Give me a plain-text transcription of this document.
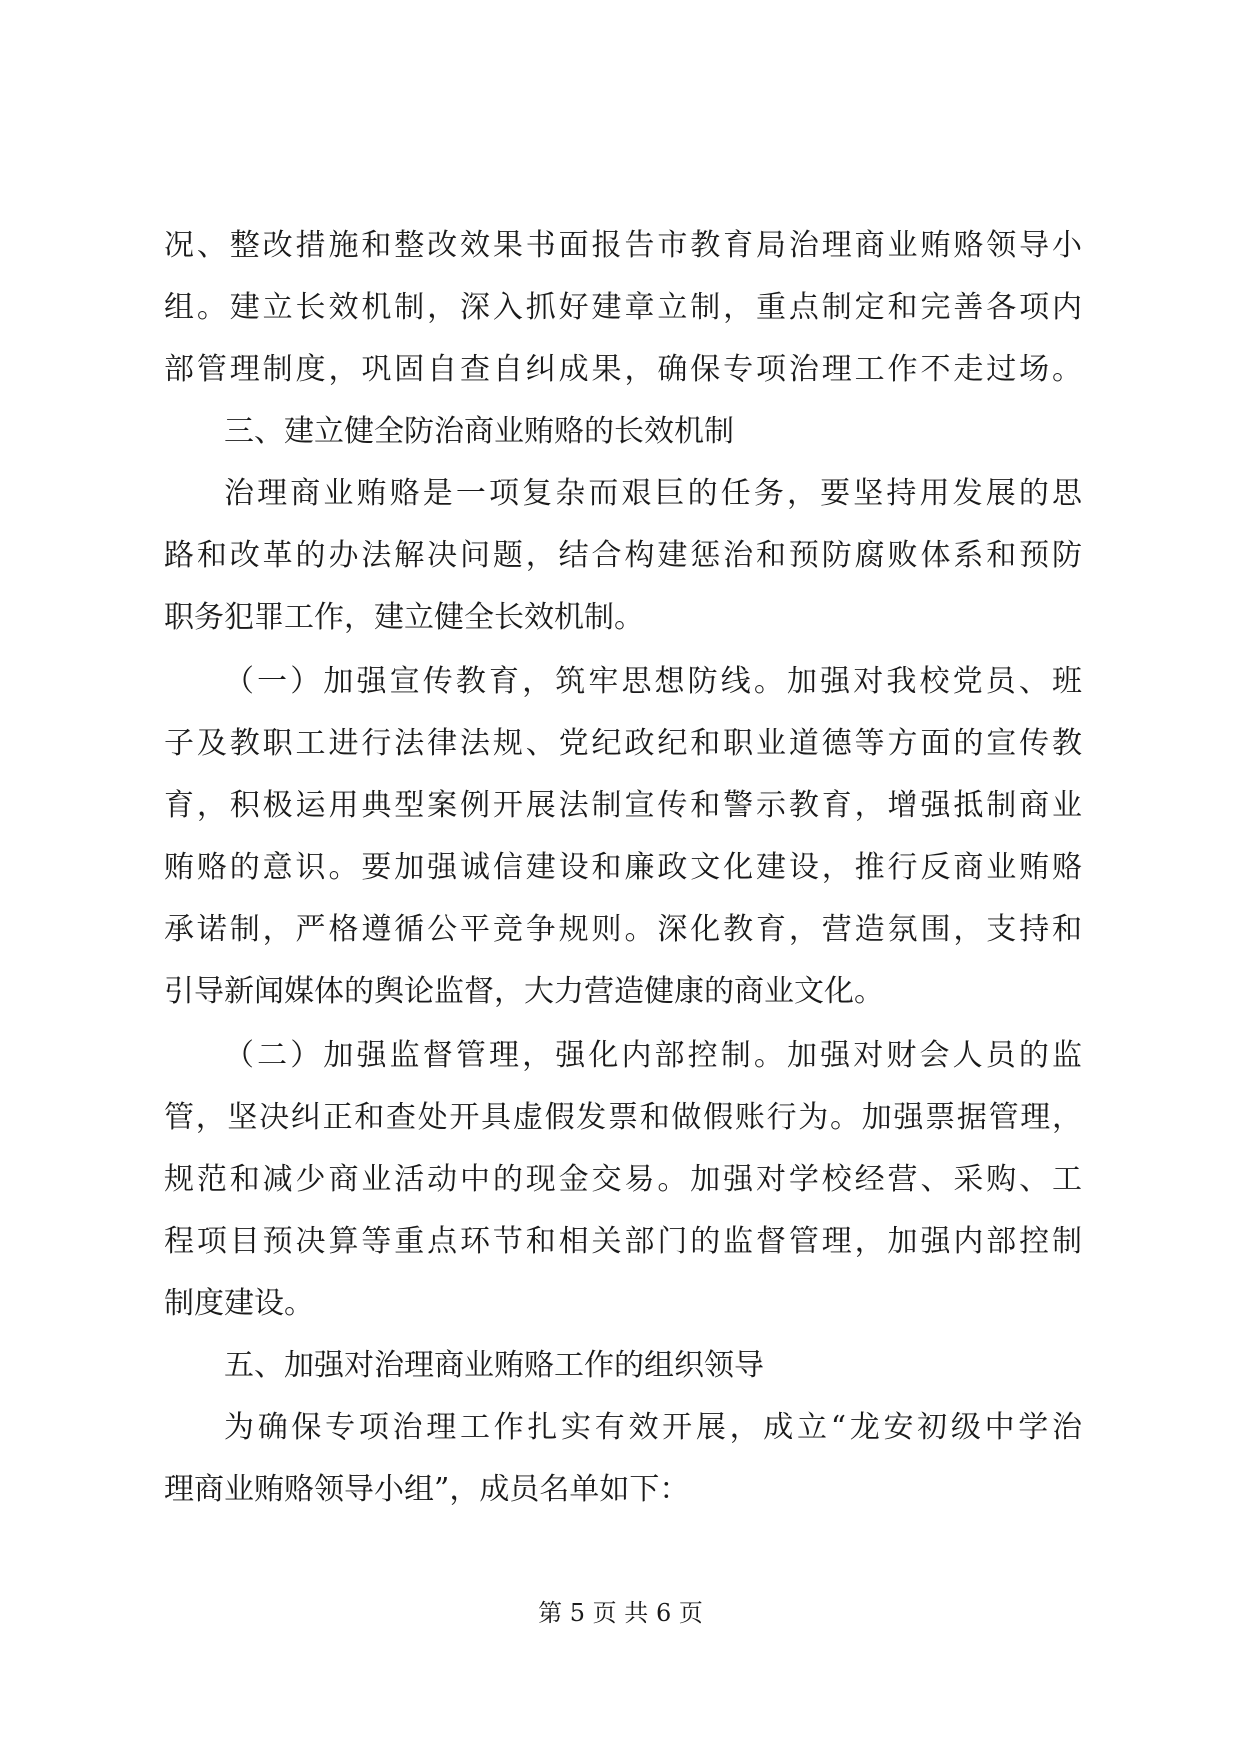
况、整改措施和整改效果书面报告市教育局治理商业贿赂领导小
组。建立长效机制，深入抓好建章立制，重点制定和完善各项内
部管理制度，巩固自查自纠成果，确保专项治理工作不走过场。
三、建立健全防治商业贿赂的长效机制
治理商业贿赂是一项复杂而艰巨的任务，要坚持用发展的思
路和改革的办法解决问题，结合构建惩治和预防腐败体系和预防
职务犯罪工作，建立健全长效机制。
（一）加强宣传教育，筑牢思想防线。加强对我校党员、班
子及教职工进行法律法规、党纪政纪和职业道德等方面的宣传教
育，积极运用典型案例开展法制宣传和警示教育，增强抵制商业
贿赂的意识。要加强诚信建设和廉政文化建设，推行反商业贿赂
承诺制，严格遵循公平竞争规则。深化教育，营造氛围，支持和
引导新闻媒体的舆论监督，大力营造健康的商业文化。
（二）加强监督管理，强化内部控制。加强对财会人员的监
管，坚决纠正和查处开具虚假发票和做假账行为。加强票据管理，
规范和减少商业活动中的现金交易。加强对学校经营、采购、工
程项目预决算等重点环节和相关部门的监督管理，加强内部控制
制度建设。
五、加强对治理商业贿赂工作的组织领导
为确保专项治理工作扎实有效开展，成立“龙安初级中学治
理商业贿赂领导小组”，成员名单如下：
第 5 页 共 6 页
